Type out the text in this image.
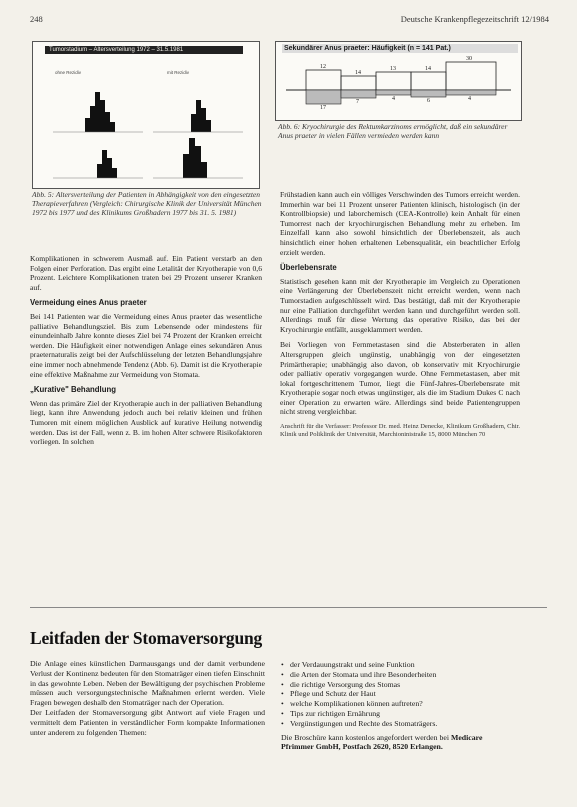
248	Deutsche Krankenpflegezeitschrift 12/1984
Tumorstadium – Altersverteilung 1972 – 31.5.1981
ohne Rezidiv	mit Rezidiv
Abb. 5: Altersverteilung der Patienten in Abhängigkeit von den eingesetzten Therapieverfahren (Vergleich: Chirurgische Klinik der Universität München 1972 bis 1977 und des Klinikums Großhadern 1977 bis 31. 5. 1981)
Sekundärer Anus praeter: Häufigkeit (n = 141 Pat.)
12
14
13	14
30
17
7	4	6	4
Abb. 6: Kryochirurgie des Rektumkarzinoms ermöglicht, daß ein sekundärer Anus praeter in vielen Fällen vermieden werden kann

Komplikationen in schwerem Ausmaß auf. Ein Patient verstarb an den Folgen einer Perforation. Das ergibt eine Letalität der Kryotherapie von 0,6 Prozent. Leichtere Komplikationen traten bei 29 Prozent unserer Kranken auf.

Vermeidung eines Anus praeter

Bei 141 Patienten war die Vermeidung eines Anus praeter das wesentliche palliative Behandlungsziel. Bis zum Lebensende oder mindestens für einundeinhalb Jahre konnte dieses Ziel bei 74 Prozent der Kranken erreicht werden. Die Häufigkeit einer notwendigen Anlage eines sekundären Anus praeternaturalis zeigt bei der Aufschlüsselung der letzten Behandlungsjahre eine immer noch abnehmende Tendenz (Abb. 6). Damit ist die Kryotherapie eine effektive Maßnahme zur Vermeidung von Stomata.

„Kurative" Behandlung

Wenn das primäre Ziel der Kryotherapie auch in der palliativen Behandlung liegt, kann ihre Anwendung jedoch auch bei relativ kleinen und frühen Tumoren mit einem möglichen Ausblick auf kurative Heilung notwendig werden. Das ist der Fall, wenn z. B. im hohen Alter schwere Risikofaktoren vorliegen. In solchen

Frühstadien kann auch ein völliges Verschwinden des Tumors erreicht werden. Immerhin war bei 11 Prozent unserer Patienten klinisch, histologisch (in der Kontrollbiopsie) und laborchemisch (CEA-Kontrolle) kein Anhalt für einen Tumorrest nach der kryochirurgischen Behandlung mehr zu erheben. Im Einzelfall kann also sowohl hinsichtlich der Überlebenszeit, als auch hinsichtlich einer hohen erhaltenen Lebensqualität, ein beachtlicher Erfolg erzielt werden.

Überlebensrate

Statistisch gesehen kann mit der Kryotherapie im Vergleich zu Operationen eine Verlängerung der Überlebenszeit nicht erreicht werden, wenn nach Tumorstadien aufgeschlüsselt wird. Das bestätigt, daß mit der Kryotherapie nur eine Palliation durchgeführt werden kann und durchgeführt werden soll. Allerdings muß für diese Wertung das operative Risiko, das bei der Kryochirurgie entfällt, ausgeklammert werden.

Bei Vorliegen von Fernmetastasen sind die Absterberaten in allen Altersgruppen gleich ungünstig, unabhängig von der eingesetzten Primärtherapie; unabhängig also davon, ob konservativ mit Kryochirurgie oder palliativ operativ vorgegangen wurde. Ohne Fernmetastasen, aber mit lokal fortgeschrittenem Tumor, liegt die Fünf-Jahres-Überlebensrate mit Kryotherapie sogar noch etwas ungünstiger, als die im Stadium Dukes C nach einer Operation zu erwarten wäre. Allerdings sind beide Patientengruppen nicht streng vergleichbar.

Anschrift für die Verfasser: Professor Dr. med. Heinz Denecke, Klinikum Großhadern, Chir. Klinik und Poliklinik der Universität, Marchioninistraße 15, 8000 München 70
Leitfaden der Stomaversorgung
Die Anlage eines künstlichen Darmausgangs und der damit verbundene Verlust der Kontinenz bedeuten für den Stomaträger einen tiefen Einschnitt in das gewohnte Leben. Neben der Bewältigung der psychischen Probleme müssen auch versorgungstechnische Maßnahmen erlernt werden. Viele Fragen bewegen deshalb den Stomaträger nach der Operation.
Der Leitfaden der Stomaversorgung gibt Antwort auf viele Fragen und vermittelt dem Patienten in verständlicher Form kompakte Informationen unter anderem zu folgenden Themen:
• der Verdauungstrakt und seine Funktion
• die Arten der Stomata und ihre Besonderheiten
• die richtige Versorgung des Stomas
• Pflege und Schutz der Haut
• welche Komplikationen können auftreten?
• Tips zur richtigen Ernährung
• Vergünstigungen und Rechte des Stomaträgers.

Die Broschüre kann kostenlos angefordert werden bei Medicare Pfrimmer GmbH, Postfach 2620, 8520 Erlangen.
